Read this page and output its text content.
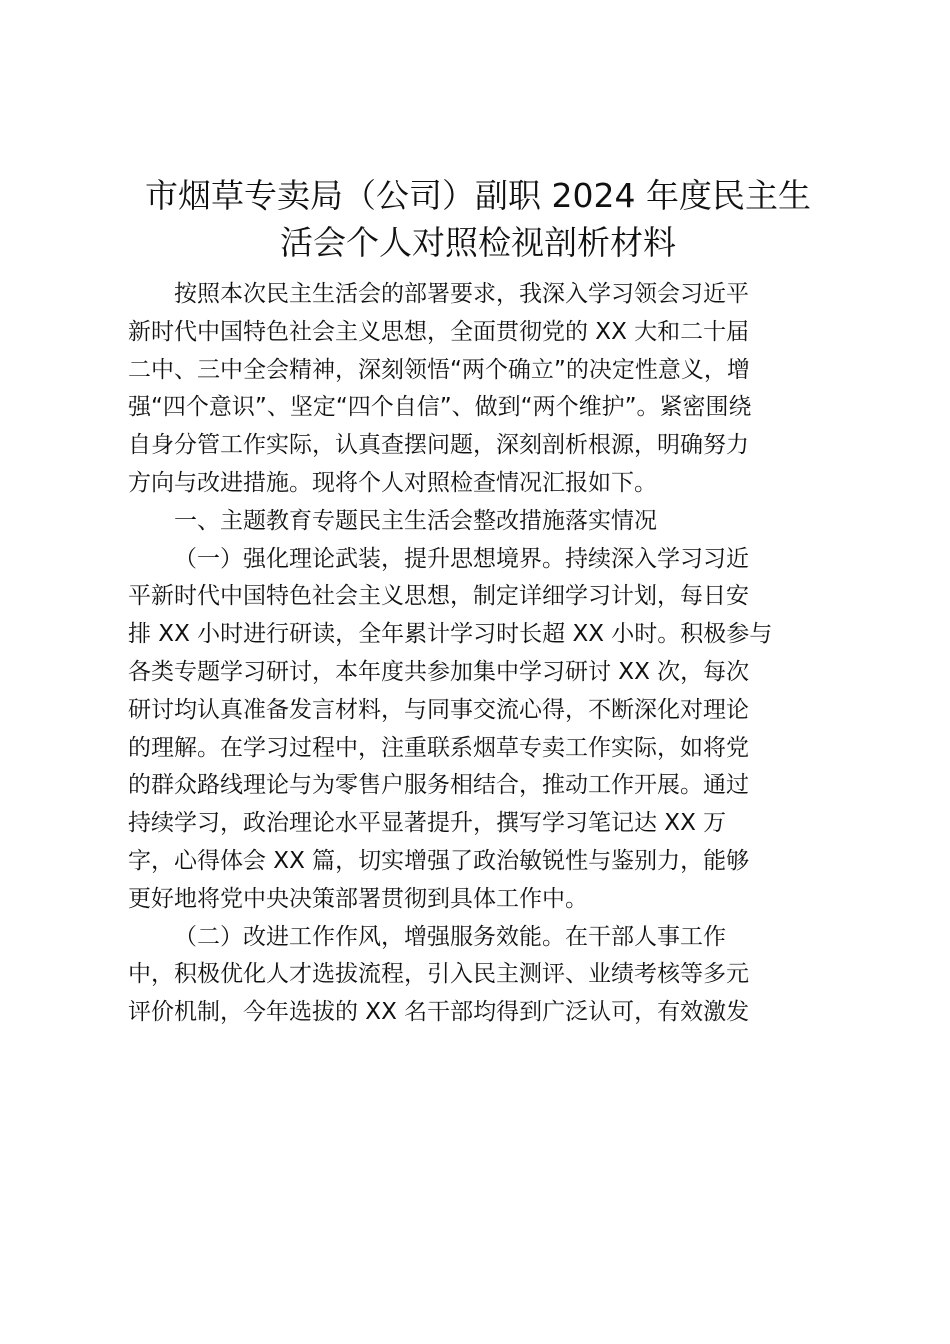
市烟草专卖局（公司）副职 2024 年度民主生
活会个人对照检视剖析材料

按照本次民主生活会的部署要求，我深入学习领会习近平
新时代中国特色社会主义思想，全面贯彻党的 XX 大和二十届
二中、三中全会精神，深刻领悟“两个确立”的决定性意义，增
强“四个意识”、坚定“四个自信”、做到“两个维护”。紧密围绕
自身分管工作实际，认真查摆问题，深刻剖析根源，明确努力
方向与改进措施。现将个人对照检查情况汇报如下。

一、主题教育专题民主生活会整改措施落实情况

（一）强化理论武装，提升思想境界。持续深入学习习近
平新时代中国特色社会主义思想，制定详细学习计划，每日安
排 XX 小时进行研读，全年累计学习时长超 XX 小时。积极参与
各类专题学习研讨，本年度共参加集中学习研讨 XX 次，每次
研讨均认真准备发言材料，与同事交流心得，不断深化对理论
的理解。在学习过程中，注重联系烟草专卖工作实际，如将党
的群众路线理论与为零售户服务相结合，推动工作开展。通过
持续学习，政治理论水平显著提升，撰写学习笔记达 XX 万
字，心得体会 XX 篇，切实增强了政治敏锐性与鉴别力，能够
更好地将党中央决策部署贯彻到具体工作中。

（二）改进工作作风，增强服务效能。在干部人事工作
中，积极优化人才选拔流程，引入民主测评、业绩考核等多元
评价机制，今年选拔的 XX 名干部均得到广泛认可，有效激发
